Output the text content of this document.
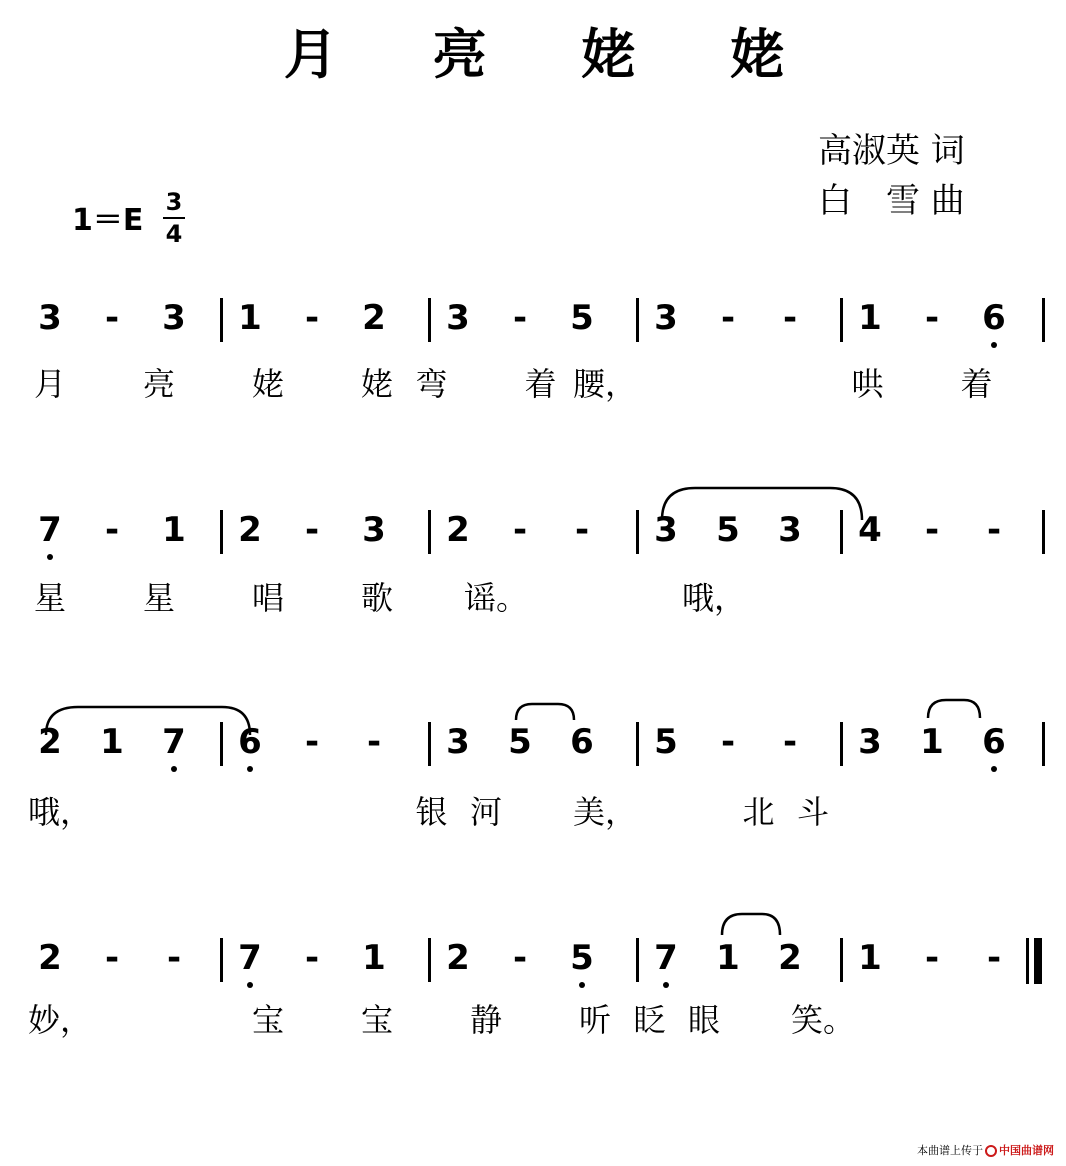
月 亮 姥 姥
高淑英 词
白　雪 曲
1＝E
3
4
3 - 3 1 - 2 3 - 5 3 - - 1 - 6
月 亮 姥 姥 弯 着 腰，	哄 着
7 - 1 2 - 3 2 - - 3 5 3 4 - -
星 星 唱 歌 谣。	哦，
2 1 7 6 - - 3 5 6 5 - - 3 1 6
哦，	银 河 美，	北 斗
2 - - 7 - 1 2 - 5 7 1 2 1 - -
妙，	宝 宝 静 听 眨 眼 笑。
本曲谱上传于 中国曲谱网
